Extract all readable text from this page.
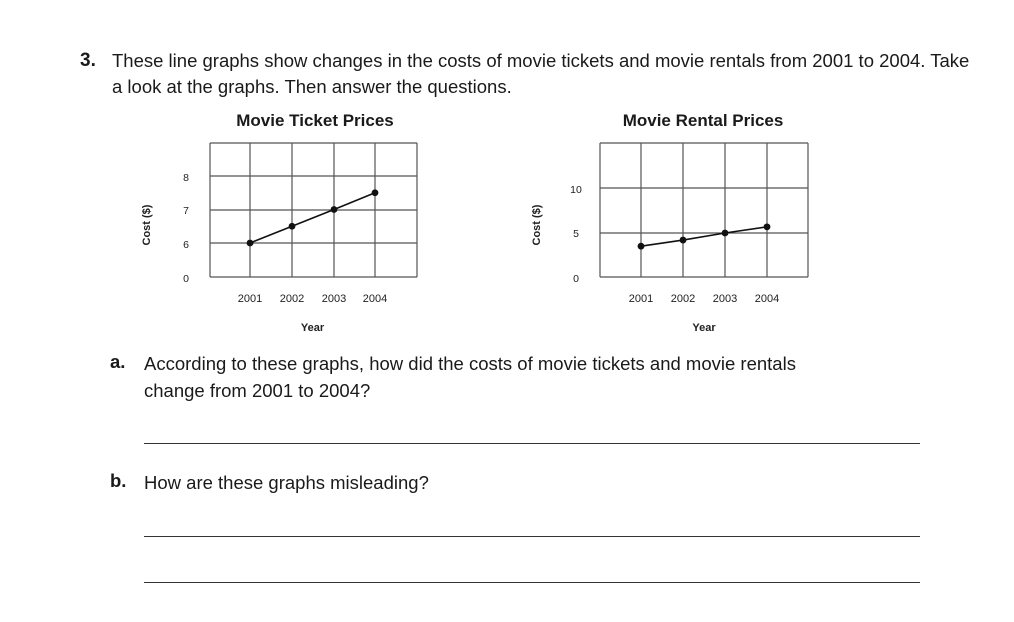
3. These line graphs show changes in the costs of movie tickets and movie rentals from 2001 to 2004. Take a look at the graphs. Then answer the questions.

Movie Ticket Prices
0
6
7
8
2001 2002 2003 2004
Year
Cost ($)
Movie Rental Prices
0
5
10
2001 2002 2003 2004
Year
Cost ($)
a. According to these graphs, how did the costs of movie tickets and movie rentals
change from 2001 to 2004?
b. How are these graphs misleading?
